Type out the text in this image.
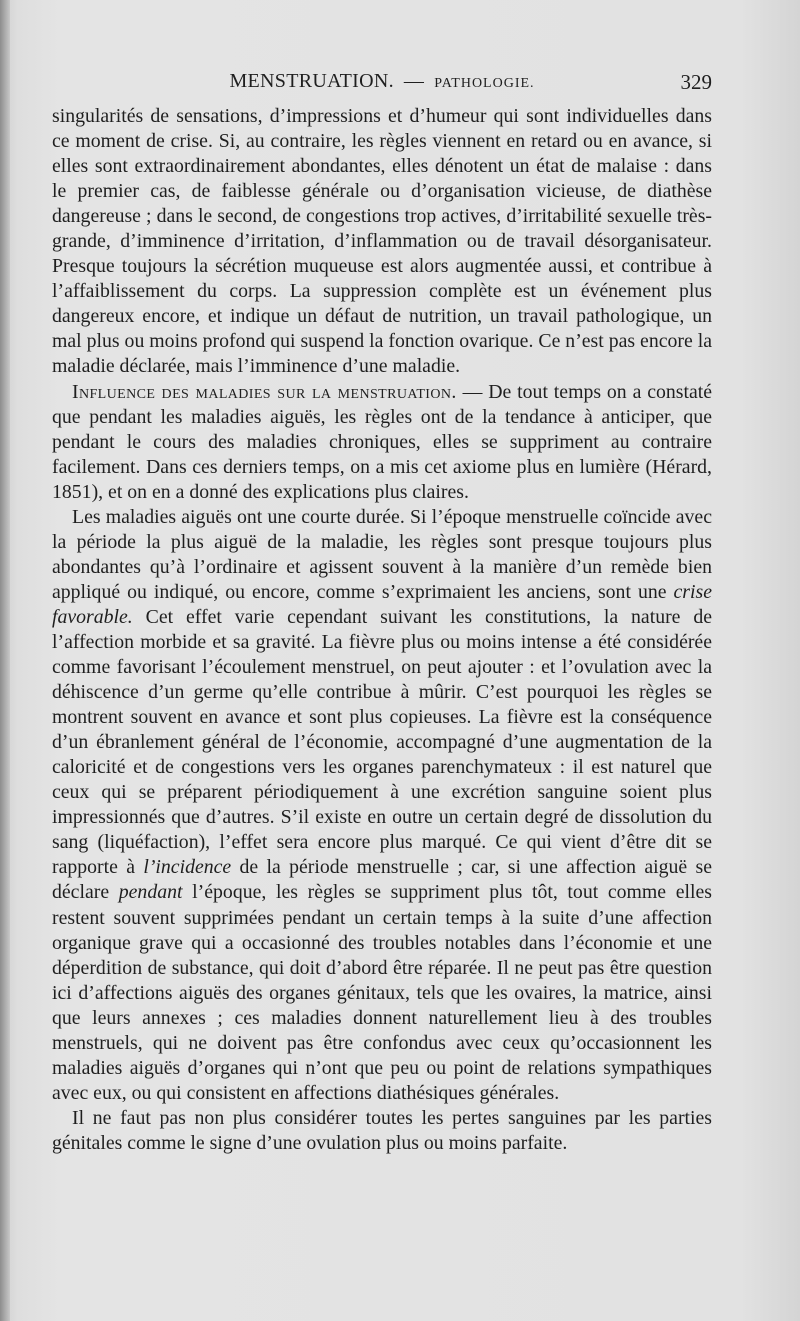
MENSTRUATION. — PATHOLOGIE.	329

singularités de sensations, d’impressions et d’humeur qui sont individuelles dans ce moment de crise. Si, au contraire, les règles viennent en retard ou en avance, si elles sont extraordinairement abondantes, elles dénotent un état de malaise : dans le premier cas, de faiblesse générale ou d’organisation vicieuse, de diathèse dangereuse ; dans le second, de congestions trop actives, d’irritabilité sexuelle très-grande, d’imminence d’irritation, d’inflammation ou de travail désorganisateur. Presque toujours la sécrétion muqueuse est alors augmentée aussi, et contribue à l’affaiblissement du corps. La suppression complète est un événement plus dangereux encore, et indique un défaut de nutrition, un travail pathologique, un mal plus ou moins profond qui suspend la fonction ovarique. Ce n’est pas encore la maladie déclarée, mais l’imminence d’une maladie.

Influence des maladies sur la menstruation. — De tout temps on a constaté que pendant les maladies aiguës, les règles ont de la tendance à anticiper, que pendant le cours des maladies chroniques, elles se suppriment au contraire facilement. Dans ces derniers temps, on a mis cet axiome plus en lumière (Hérard, 1851), et on en a donné des explications plus claires.

Les maladies aiguës ont une courte durée. Si l’époque menstruelle coïncide avec la période la plus aiguë de la maladie, les règles sont presque toujours plus abondantes qu’à l’ordinaire et agissent souvent à la manière d’un remède bien appliqué ou indiqué, ou encore, comme s’exprimaient les anciens, sont une crise favorable. Cet effet varie cependant suivant les constitutions, la nature de l’affection morbide et sa gravité. La fièvre plus ou moins intense a été considérée comme favorisant l’écoulement menstruel, on peut ajouter : et l’ovulation avec la déhiscence d’un germe qu’elle contribue à mûrir. C’est pourquoi les règles se montrent souvent en avance et sont plus copieuses. La fièvre est la conséquence d’un ébranlement général de l’économie, accompagné d’une augmentation de la caloricité et de congestions vers les organes parenchymateux : il est naturel que ceux qui se préparent périodiquement à une excrétion sanguine soient plus impressionnés que d’autres. S’il existe en outre un certain degré de dissolution du sang (liquéfaction), l’effet sera encore plus marqué. Ce qui vient d’être dit se rapporte à l’incidence de la période menstruelle ; car, si une affection aiguë se déclare pendant l’époque, les règles se suppriment plus tôt, tout comme elles restent souvent supprimées pendant un certain temps à la suite d’une affection organique grave qui a occasionné des troubles notables dans l’économie et une déperdition de substance, qui doit d’abord être réparée. Il ne peut pas être question ici d’affections aiguës des organes génitaux, tels que les ovaires, la matrice, ainsi que leurs annexes ; ces maladies donnent naturellement lieu à des troubles menstruels, qui ne doivent pas être confondus avec ceux qu’occasionnent les maladies aiguës d’organes qui n’ont que peu ou point de relations sympathiques avec eux, ou qui consistent en affections diathésiques générales.

Il ne faut pas non plus considérer toutes les pertes sanguines par les parties génitales comme le signe d’une ovulation plus ou moins parfaite.
